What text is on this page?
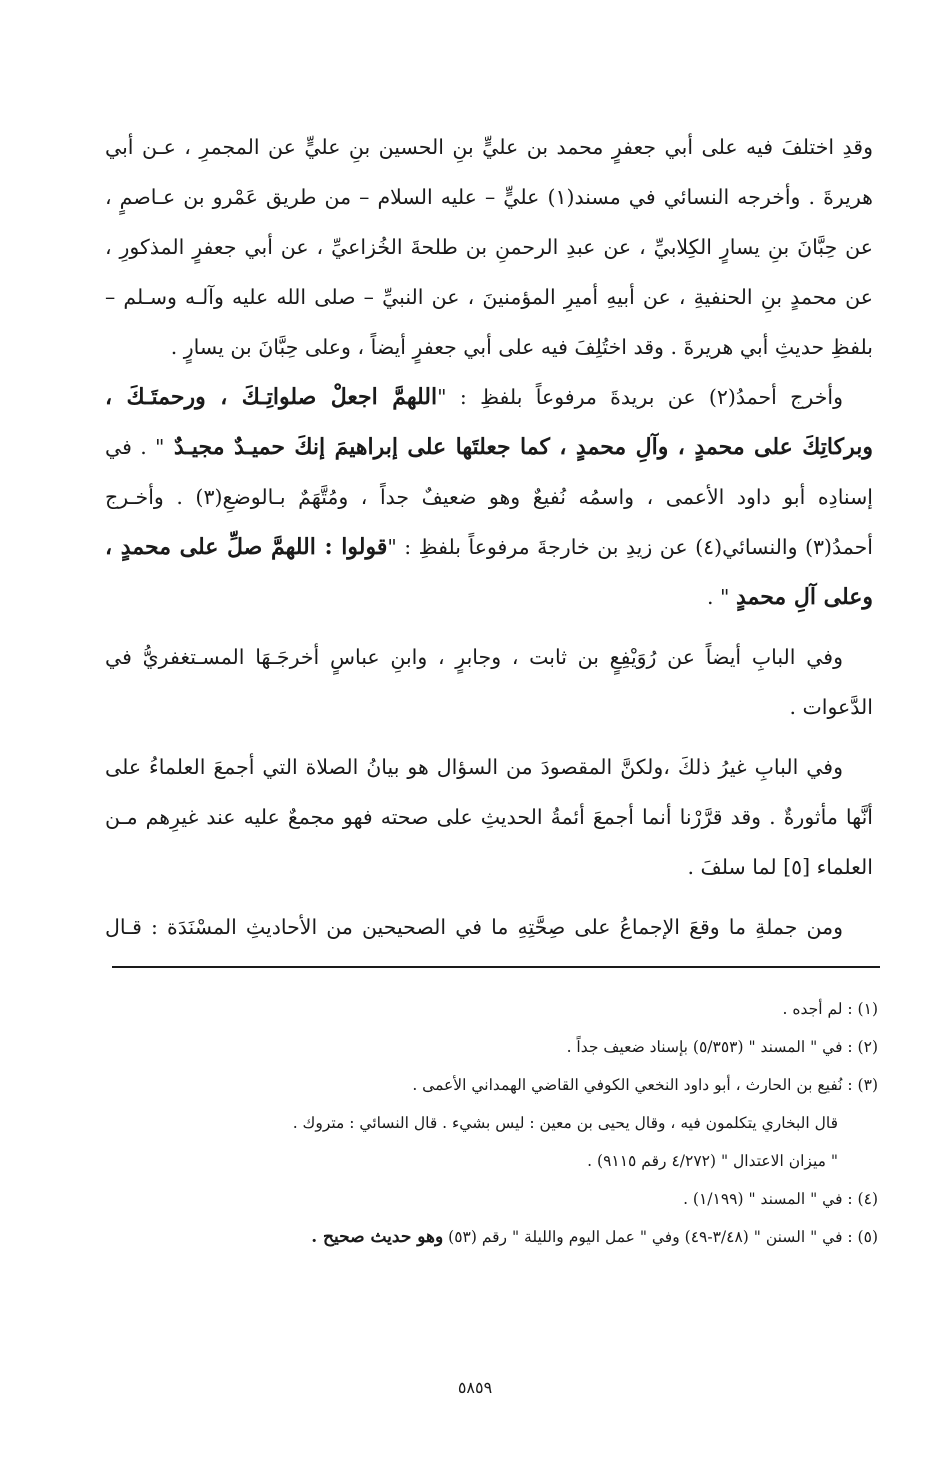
وقدِ اختلفَ فيه على أبي جعفرٍ محمد بن عليٍّ بنِ الحسين بنِ عليٍّ عن المجمرِ ، عـن أبي
هريرةَ . وأخرجه النسائي في مسند(١) عليٍّ – عليه السلام – من طريق عَمْرو بن عـاصمٍ ،
عن حِبَّانَ بنِ يسارٍ الكِلابيِّ ، عن عبدِ الرحمنِ بن طلحةَ الخُزاعيِّ ، عن أبي جعفرٍ المذكورِ ،
عن محمدٍ بنِ الحنفيةِ ، عن أبيهِ أميرِ المؤمنينَ ، عن النبيِّ – صلى الله عليه وآلـه وسـلم –
بلفظِ حديثِ أبي هريرةَ . وقد اختُلِفَ فيه على أبي جعفرٍ أيضاً ، وعلى حِبَّانَ بن يسارٍ .
وأخرج أحمدُ(٢) عن بريدةَ مرفوعاً بلفظِ : "اللهمَّ اجعلْ صلواتِـكَ ، ورحمتَـكَ ،
وبركاتِكَ على محمدٍ ، وآلِ محمدٍ ، كما جعلتَها على إبراهيمَ إنكَ حميـدٌ مجيـدٌ " . في
إسنادِه أبو داود الأعمى ، واسمُه نُفيعٌ وهو ضعيفٌ جداً ، ومُتَّهَمٌ بـالوضعِ(٣) . وأخـرج
أحمدُ(٣) والنسائي(٤) عن زيدِ بن خارجةَ مرفوعاً بلفظِ : "قولوا : اللهمَّ صلِّ على محمدٍ ،
وعلى آلِ محمدٍ " .
وفي البابِ أيضاً عن رُوَيْفِعٍ بن ثابت ، وجابرٍ ، وابنِ عباسٍ أخرجَـهَا المسـتغفريُّ في
الدَّعوات .
وفي البابِ غيرُ ذلكَ ،ولكنَّ المقصودَ من السؤال هو بيانُ الصلاة التي أجمعَ العلماءُ على
أنَّها مأثورةٌ . وقد قرَّرْنا أنما أجمعَ أئمةُ الحديثِ على صحته فهو مجمعٌ عليه عند غيرِهم مـن
العلماء [٥] لما سلفَ .
ومن جملةِ ما وقعَ الإجماعُ على صِحَّتِهِ ما في الصحيحين من الأحاديثِ المسْنَدَة : قـال
(١) : لم أجده .
(٢) : في " المسند " (٥/٣٥٣) بإسناد ضعيف جداً .
(٣) : نُفيع بن الحارث ، أبو داود النخعي الكوفي القاضي الهمداني الأعمى .
قال البخاري يتكلمون فيه ، وقال يحيى بن معين : ليس بشيء . قال النسائي : متروك .
" ميزان الاعتدال " (٤/٢٧٢ رقم ٩١١٥) .
(٤) : في " المسند " (١/١٩٩) .
(٥) : في " السنن " (٣/٤٨-٤٩) وفي " عمل اليوم والليلة " رقم (٥٣) وهو حديث صحيح .
٥٨٥٩
